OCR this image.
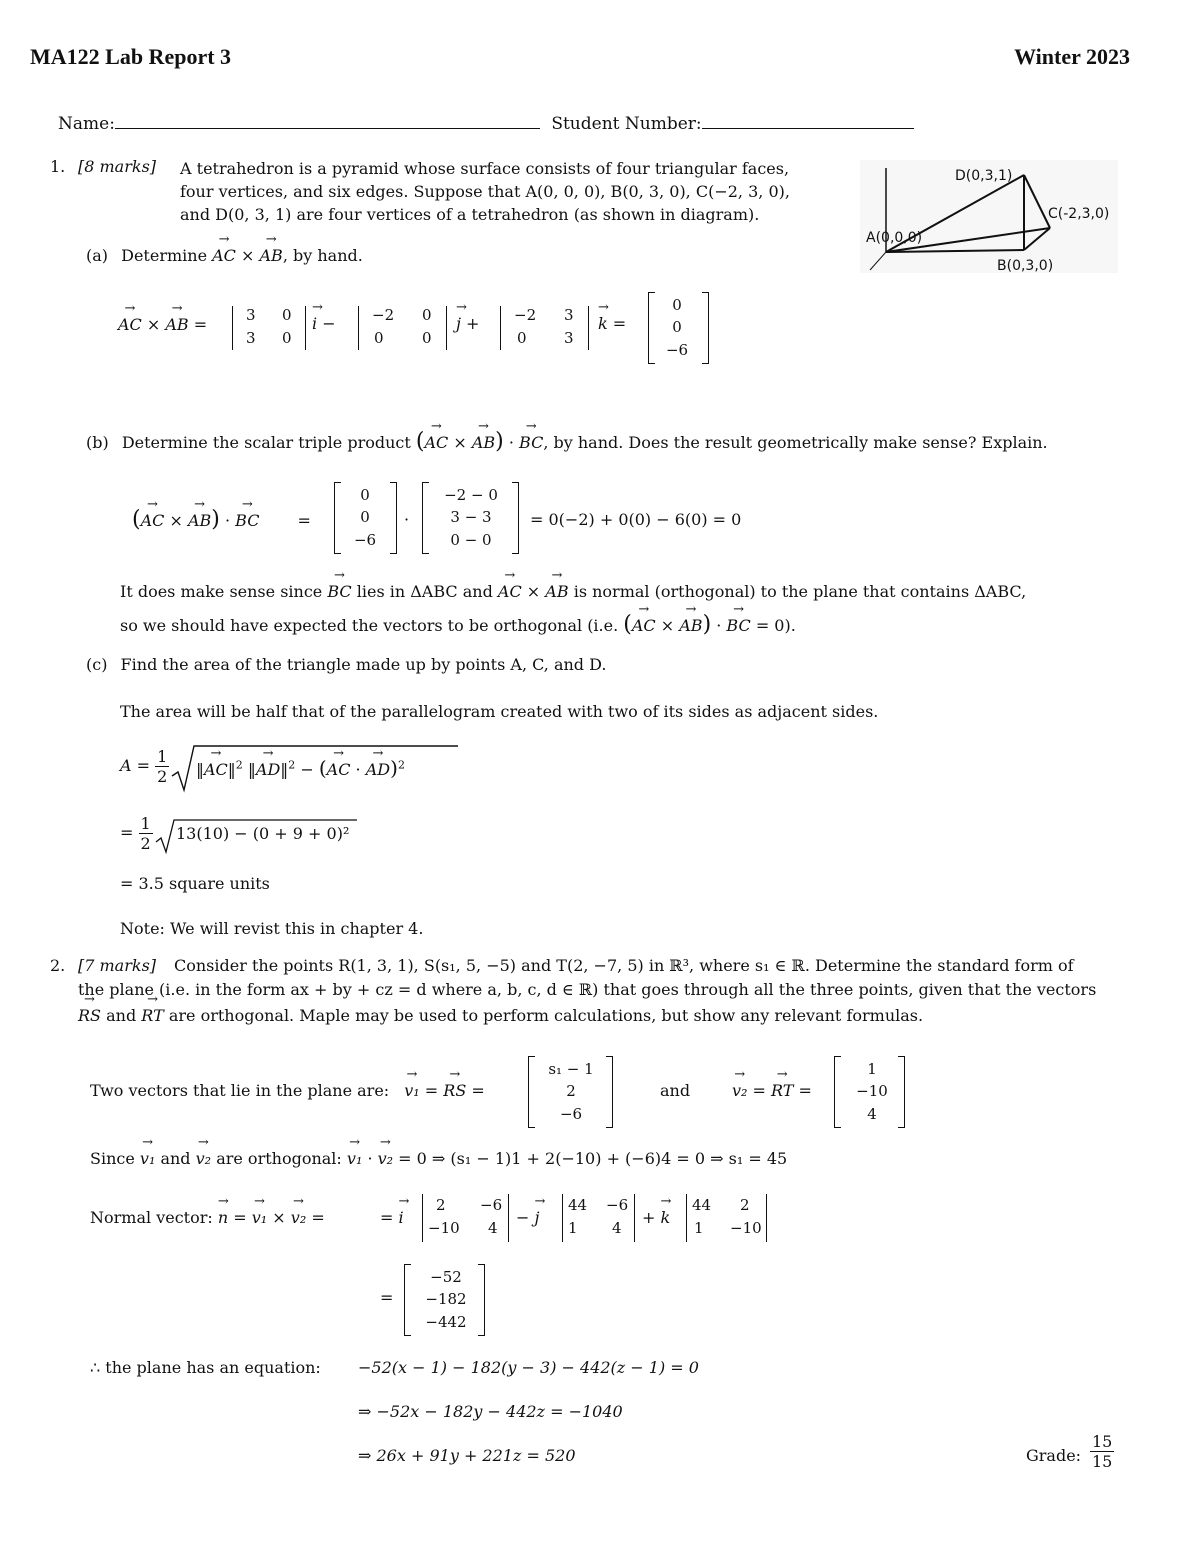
MA122 Lab Report 3	Winter 2023
Name:	Student Number:
1. [8 marks] A tetrahedron is a pyramid whose surface consists of four triangular faces,
four vertices, and six edges. Suppose that A(0, 0, 0), B(0, 3, 0), C(−2, 3, 0),
and D(0, 3, 1) are four vertices of a tetrahedron (as shown in diagram).
D(0,3,1)
C(-2,3,0)
A(0,0,0)
B(0,3,0)
(a) Determine → AC × → AB, by hand.
→ AC × → AB =	3 0
3 0
→ i − −2 0
0	0
→ j + −2 3
0 3
→ k =
0
0
−6
(b) Determine the scalar triple product (→ AC × → AB) · → BC, by hand. Does the result geometrically make sense? Explain.
(→ AC × → AB) · → BC =
0
0
−6
·
−2 − 0
3 − 3
0 − 0
= 0(−2) + 0(0) − 6(0) = 0
It does make sense since → BC lies in ΔABC and → AC × → AB is normal (orthogonal) to the plane that contains ΔABC,
so we should have expected the vectors to be orthogonal (i.e. (→ AC × → AB) · → BC = 0).
(c) Find the area of the triangle made up by points A, C, and D.
The area will be half that of the parallelogram created with two of its sides as adjacent sides.
$A = \frac{1}{2}$ ‖→ AC‖$^2$ ‖→ AD‖$^2$ − (→ AC · → AD)$^2$
= $\frac{1}{2} 13(10) - (0 + 9 + 0)^2$
= 3.5 square units
Note: We will revist this in chapter 4.
2. [7 marks] Consider the points R(1, 3, 1), S(s₁, 5, −5) and T(2, −7, 5) in ℝ³, where s₁ ∈ ℝ. Determine the standard form of
the plane (i.e. in the form ax + by + cz = d where a, b, c, d ∈ ℝ) that goes through all the three points, given that the vectors
→ RS and → RT are orthogonal. Maple may be used to perform calculations, but show any relevant formulas.
Two vectors that lie in the plane are: → v₁ = → RS =
s₁ − 1
2
−6
and	→ v₂ = → RT =
1
−10
4
Since → v₁ and → v₂ are orthogonal: → v₁ · → v₂ = 0 ⇒ (s₁ − 1)1 + 2(−10) + (−6)4 = 0 ⇒ s₁ = 45
Normal vector: → n = → v₁ × → v₂ =	= → i
2 −6
−10 4
− → j
44 −6
1 4
+ → k
44 2
1 −10
=
−52
−182
−442
∴ the plane has an equation: −52(x − 1) − 182(y − 3) − 442(z − 1) = 0
⇒ −52x − 182y − 442z = −1040
⇒ 26x + 91y + 221z = 520	Grade: $\frac{15}{15}$
